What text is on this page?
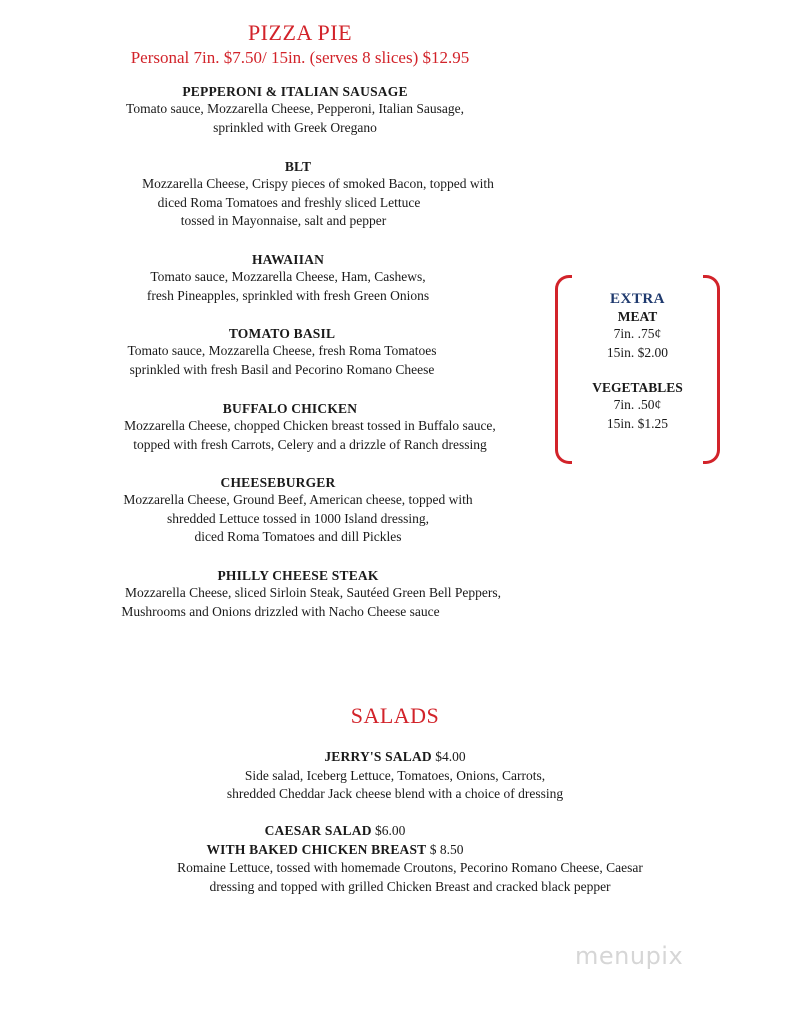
PIZZA PIE
Personal 7in. $7.50/ 15in. (serves 8 slices) $12.95
PEPPERONI & ITALIAN SAUSAGE
Tomato sauce, Mozzarella Cheese, Pepperoni, Italian Sausage,
sprinkled with Greek Oregano
BLT
Mozzarella Cheese, Crispy pieces of smoked Bacon, topped with
diced Roma Tomatoes and freshly sliced Lettuce
tossed in Mayonnaise, salt and pepper
HAWAIIAN
Tomato sauce, Mozzarella Cheese, Ham, Cashews,
fresh Pineapples, sprinkled with fresh Green Onions
TOMATO BASIL
Tomato sauce, Mozzarella Cheese, fresh Roma Tomatoes
sprinkled with fresh Basil and Pecorino Romano Cheese
BUFFALO CHICKEN
Mozzarella Cheese, chopped Chicken breast tossed in Buffalo sauce,
topped with fresh Carrots, Celery and a drizzle of Ranch dressing
CHEESEBURGER
Mozzarella Cheese, Ground Beef, American cheese, topped with
shredded Lettuce tossed in 1000 Island dressing,
diced Roma Tomatoes and dill Pickles
PHILLY CHEESE STEAK
Mozzarella Cheese, sliced Sirloin Steak, Sautéed Green Bell Peppers,
Mushrooms and Onions drizzled with Nacho Cheese sauce
EXTRA
MEAT
7in. .75¢
15in. $2.00
VEGETABLES
7in. .50¢
15in. $1.25
SALADS
JERRY'S SALAD $4.00
Side salad, Iceberg Lettuce, Tomatoes, Onions, Carrots,
shredded Cheddar Jack cheese blend with a choice of dressing
CAESAR SALAD $6.00
WITH BAKED CHICKEN BREAST $ 8.50
Romaine Lettuce, tossed with homemade Croutons, Pecorino Romano Cheese, Caesar
dressing and topped with grilled Chicken Breast and cracked black pepper
menupix
